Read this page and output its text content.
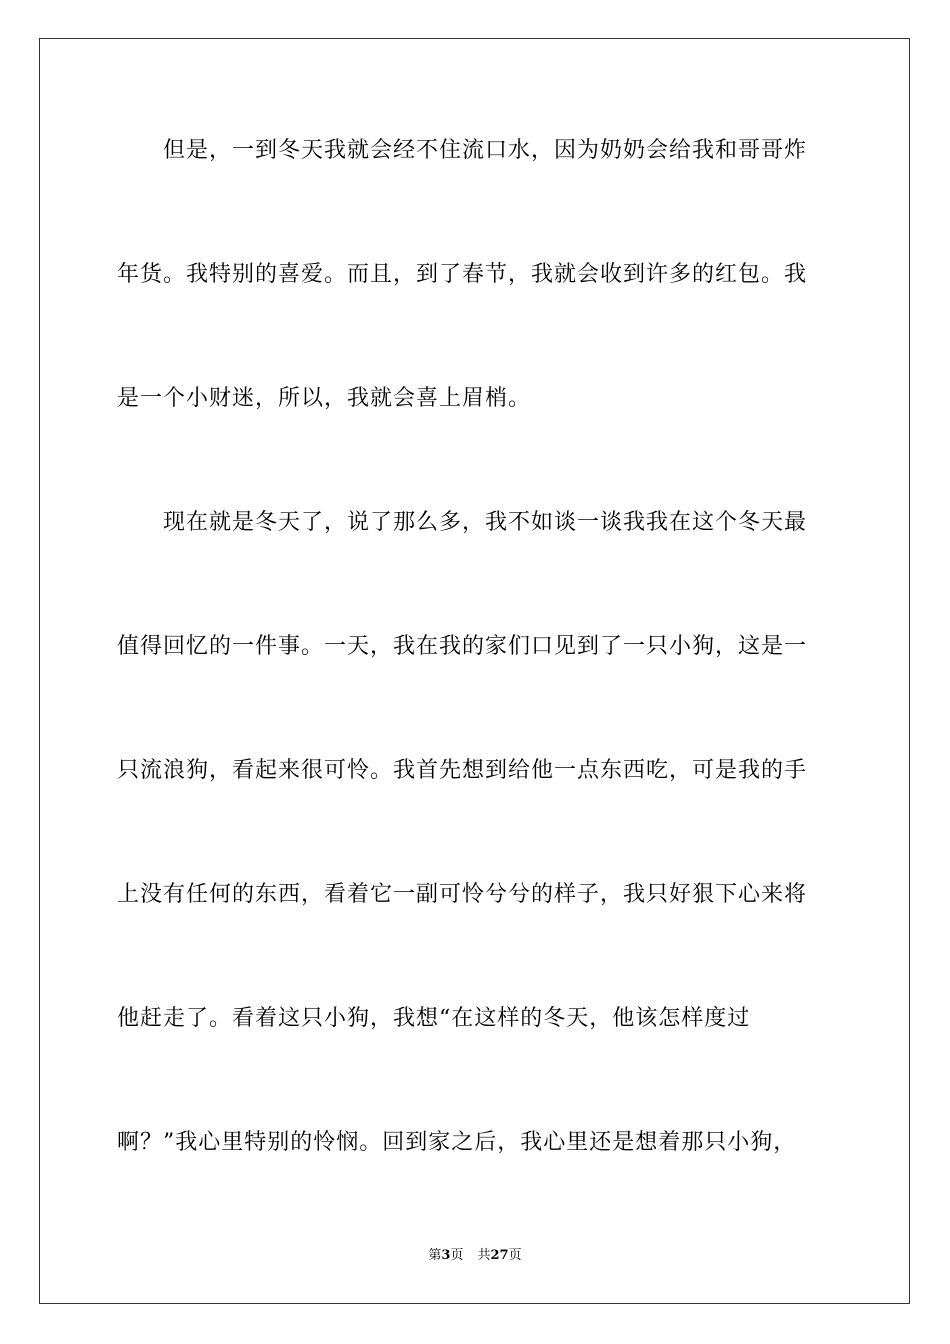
但是，一到冬天我就会经不住流口水，因为奶奶会给我和哥哥炸
年货。我特别的喜爱。而且，到了春节，我就会收到许多的红包。我
是一个小财迷，所以，我就会喜上眉梢。
现在就是冬天了，说了那么多，我不如谈一谈我我在这个冬天最
值得回忆的一件事。一天，我在我的家们口见到了一只小狗，这是一
只流浪狗，看起来很可怜。我首先想到给他一点东西吃，可是我的手
上没有任何的东西，看着它一副可怜兮兮的样子，我只好狠下心来将
他赶走了。看着这只小狗，我想“在这样的冬天，他该怎样度过
啊？”我心里特别的怜悯。回到家之后，我心里还是想着那只小狗，
第3页 共27页
